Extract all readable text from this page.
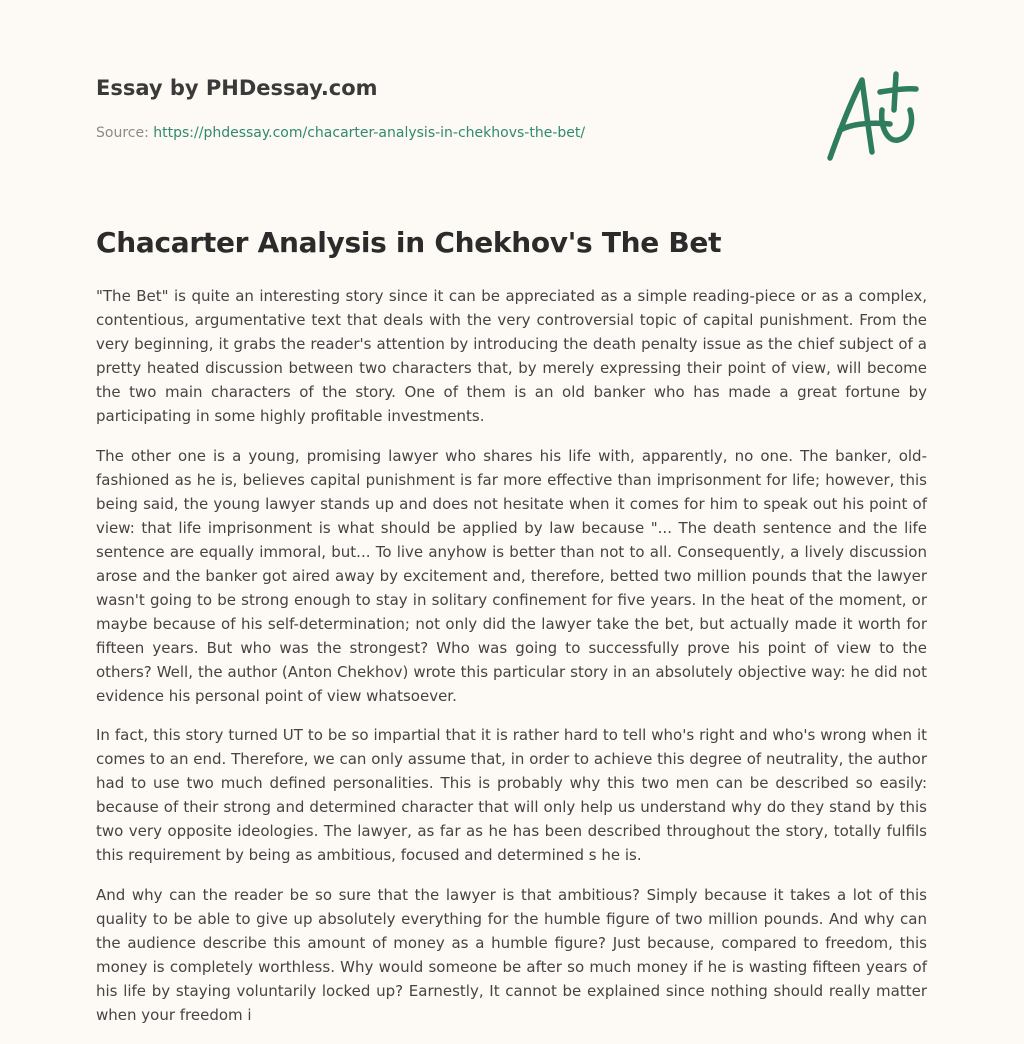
Essay by PHDessay.com
Source: https://phdessay.com/chacarter-analysis-in-chekhovs-the-bet/
Chacarter Analysis in Chekhov's The Bet

"The Bet" is quite an interesting story since it can be appreciated as a simple reading-piece or as a complex, contentious, argumentative text that deals with the very controversial topic of capital punishment. From the very beginning, it grabs the reader's attention by introducing the death penalty issue as the chief subject of a pretty heated discussion between two characters that, by merely expressing their point of view, will become the two main characters of the story. One of them is an old banker who has made a great fortune by participating in some highly profitable investments.

The other one is a young, promising lawyer who shares his life with, apparently, no one. The banker, old-fashioned as he is, believes capital punishment is far more effective than imprisonment for life; however, this being said, the young lawyer stands up and does not hesitate when it comes for him to speak out his point of view: that life imprisonment is what should be applied by law because "... The death sentence and the life sentence are equally immoral, but... To live anyhow is better than not to all. Consequently, a lively discussion arose and the banker got aired away by excitement and, therefore, betted two million pounds that the lawyer wasn't going to be strong enough to stay in solitary confinement for five years. In the heat of the moment, or maybe because of his self-determination; not only did the lawyer take the bet, but actually made it worth for fifteen years. But who was the strongest? Who was going to successfully prove his point of view to the others? Well, the author (Anton Chekhov) wrote this particular story in an absolutely objective way: he did not evidence his personal point of view whatsoever.

In fact, this story turned UT to be so impartial that it is rather hard to tell who's right and who's wrong when it comes to an end. Therefore, we can only assume that, in order to achieve this degree of neutrality, the author had to use two much defined personalities. This is probably why this two men can be described so easily: because of their strong and determined character that will only help us understand why do they stand by this two very opposite ideologies. The lawyer, as far as he has been described throughout the story, totally fulfils this requirement by being as ambitious, focused and determined s he is.

And why can the reader be so sure that the lawyer is that ambitious? Simply because it takes a lot of this quality to be able to give up absolutely everything for the humble figure of two million pounds. And why can the audience describe this amount of money as a humble figure? Just because, compared to freedom, this money is completely worthless. Why would someone be after so much money if he is wasting fifteen years of his life by staying voluntarily locked up? Earnestly, It cannot be explained since nothing should really matter when your freedom i
